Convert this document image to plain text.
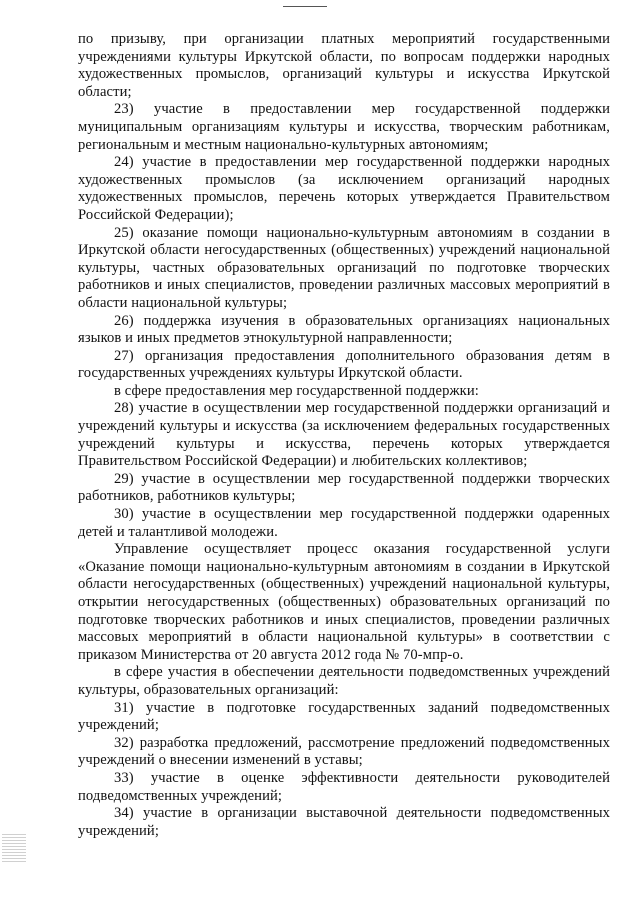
по призыву, при организации платных мероприятий государственными учреждениями культуры Иркутской области, по вопросам поддержки народных художественных промыслов, организаций культуры и искусства Иркутской области;

23) участие в предоставлении мер государственной поддержки муниципальным организациям культуры и искусства, творческим работникам, региональным и местным национально-культурных автономиям;

24) участие в предоставлении мер государственной поддержки народных художественных промыслов (за исключением организаций народных художественных промыслов, перечень которых утверждается Правительством Российской Федерации);

25) оказание помощи национально-культурным автономиям в создании в Иркутской области негосударственных (общественных) учреждений национальной культуры, частных образовательных организаций по подготовке творческих работников и иных специалистов, проведении различных массовых мероприятий в области национальной культуры;

26) поддержка изучения в образовательных организациях национальных языков и иных предметов этнокультурной направленности;

27) организация предоставления дополнительного образования детям в государственных учреждениях культуры Иркутской области.

в сфере предоставления мер государственной поддержки:

28) участие в осуществлении мер государственной поддержки организаций и учреждений культуры и искусства (за исключением федеральных государственных учреждений культуры и искусства, перечень которых утверждается Правительством Российской Федерации) и любительских коллективов;

29) участие в осуществлении мер государственной поддержки творческих работников, работников культуры;

30) участие в осуществлении мер государственной поддержки одаренных детей и талантливой молодежи.

Управление осуществляет процесс оказания государственной услуги «Оказание помощи национально-культурным автономиям в создании в Иркутской области негосударственных (общественных) учреждений национальной культуры, открытии негосударственных (общественных) образовательных организаций по подготовке творческих работников и иных специалистов, проведении различных массовых мероприятий в области национальной культуры» в соответствии с приказом Министерства от 20 августа 2012 года № 70-мпр-о.

в сфере участия в обеспечении деятельности подведомственных учреждений культуры, образовательных организаций:

31) участие в подготовке государственных заданий подведомственных учреждений;

32) разработка предложений, рассмотрение предложений подведомственных учреждений о внесении изменений в уставы;

33) участие в оценке эффективности деятельности руководителей подведомственных учреждений;

34) участие в организации выставочной деятельности подведомственных учреждений;
